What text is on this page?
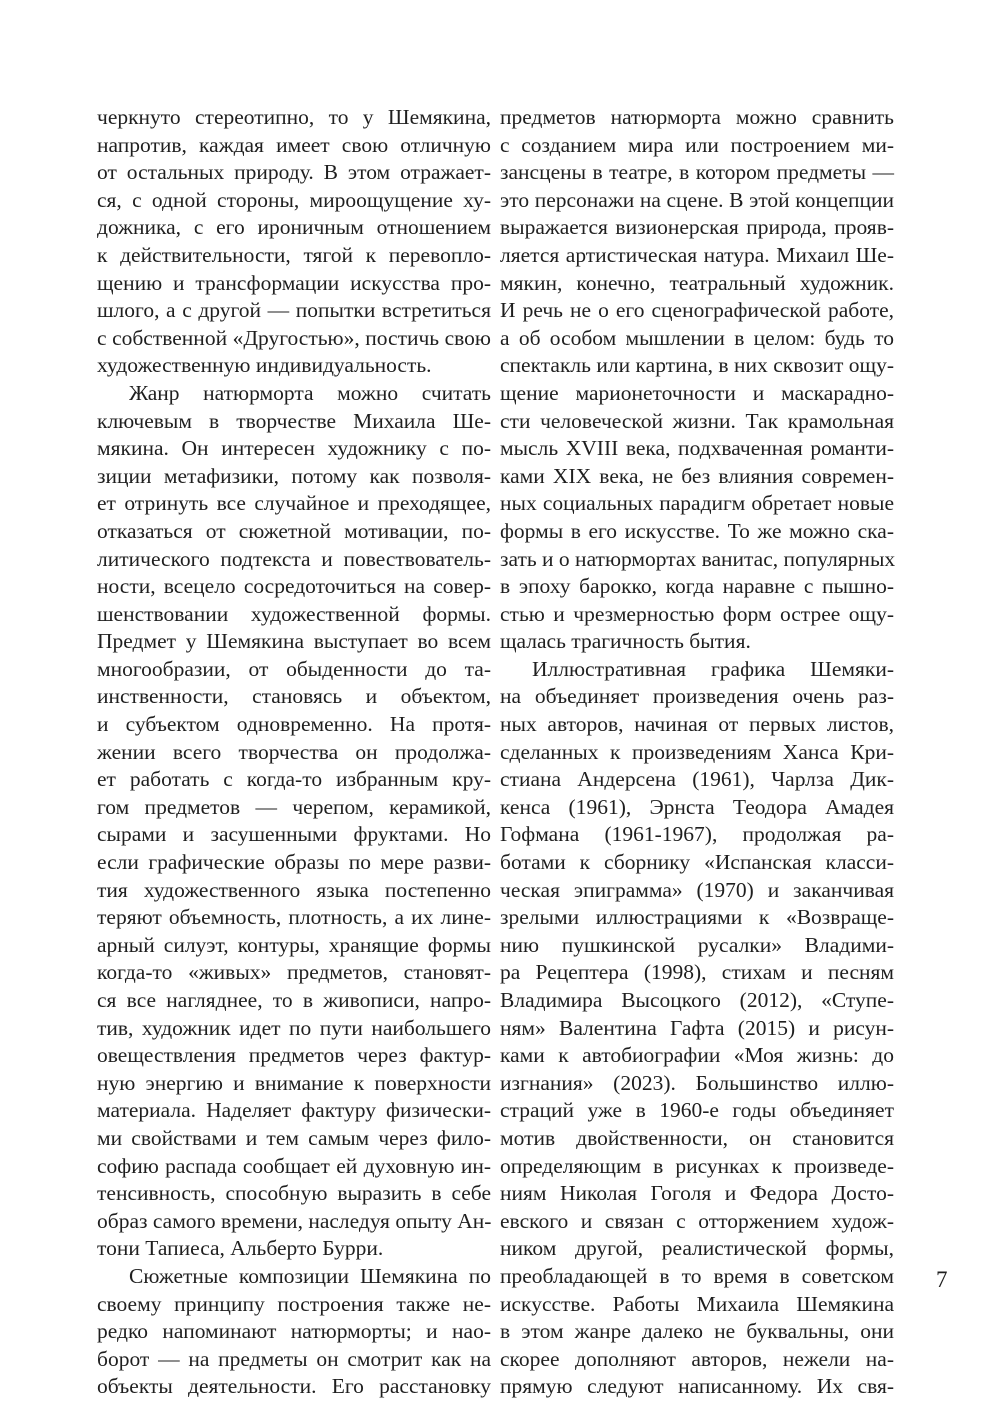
черкнуто стереотипно, то у Шемякина,
напротив, каждая имеет свою отличную
от остальных природу. В этом отражает-
ся, с одной стороны, мироощущение ху-
дожника, с его ироничным отношением
к действительности, тягой к перевопло-
щению и трансформации искусства про-
шлого, а с другой — попытки встретиться
с собственной «Другостью», постичь свою
художественную индивидуальность.
Жанр натюрморта можно считать
ключевым в творчестве Михаила Ше-
мякина. Он интересен художнику с по-
зиции метафизики, потому как позволя-
ет отринуть все случайное и преходящее,
отказаться от сюжетной мотивации, по-
литического подтекста и повествователь-
ности, всецело сосредоточиться на совер-
шенствовании художественной формы.
Предмет у Шемякина выступает во всем
многообразии, от обыденности до та-
инственности, становясь и объектом,
и субъектом одновременно. На протя-
жении всего творчества он продолжа-
ет работать с когда-то избранным кру-
гом предметов — черепом, керамикой,
сырами и засушенными фруктами. Но
если графические образы по мере разви-
тия художественного языка постепенно
теряют объемность, плотность, а их лине-
арный силуэт, контуры, хранящие формы
когда-то «живых» предметов, становят-
ся все нагляднее, то в живописи, напро-
тив, художник идет по пути наибольшего
овеществления предметов через фактур-
ную энергию и внимание к поверхности
материала. Наделяет фактуру физически-
ми свойствами и тем самым через фило-
софию распада сообщает ей духовную ин-
тенсивность, способную выразить в себе
образ самого времени, наследуя опыту Ан-
тони Тапиеса, Альберто Бурри.
Сюжетные композиции Шемякина по
своему принципу построения также не-
редко напоминают натюрморты; и нао-
борот — на предметы он смотрит как на
объекты деятельности. Его расстановку
предметов натюрморта можно сравнить
с созданием мира или построением ми-
зансцены в театре, в котором предметы —
это персонажи на сцене. В этой концепции
выражается визионерская природа, прояв-
ляется артистическая натура. Михаил Ше-
мякин, конечно, театральный художник.
И речь не о его сценографической работе,
а об особом мышлении в целом: будь то
спектакль или картина, в них сквозит ощу-
щение марионеточности и маскарадно-
сти человеческой жизни. Так крамольная
мысль XVIII века, подхваченная романти-
ками XIX века, не без влияния современ-
ных социальных парадигм обретает новые
формы в его искусстве. То же можно ска-
зать и о натюрмортах ванитас, популярных
в эпоху барокко, когда наравне с пышно-
стью и чрезмерностью форм острее ощу-
щалась трагичность бытия.
Иллюстративная графика Шемяки-
на объединяет произведения очень раз-
ных авторов, начиная от первых листов,
сделанных к произведениям Ханса Кри-
стиана Андерсена (1961), Чарлза Дик-
кенса (1961), Эрнста Теодора Амадея
Гофмана (1961-1967), продолжая ра-
ботами к сборнику «Испанская класси-
ческая эпиграмма» (1970) и заканчивая
зрелыми иллюстрациями к «Возвраще-
нию пушкинской русалки» Владими-
ра Рецептера (1998), стихам и песням
Владимира Высоцкого (2012), «Ступе-
ням» Валентина Гафта (2015) и рисун-
ками к автобиографии «Моя жизнь: до
изгнания» (2023). Большинство иллю-
страций уже в 1960-е годы объединяет
мотив двойственности, он становится
определяющим в рисунках к произведе-
ниям Николая Гоголя и Федора Досто-
евского и связан с отторжением худож-
ником другой, реалистической формы,
преобладающей в то время в советском
искусстве. Работы Михаила Шемякина
в этом жанре далеко не буквальны, они
скорее дополняют авторов, нежели на-
прямую следуют написанному. Их свя-
7
